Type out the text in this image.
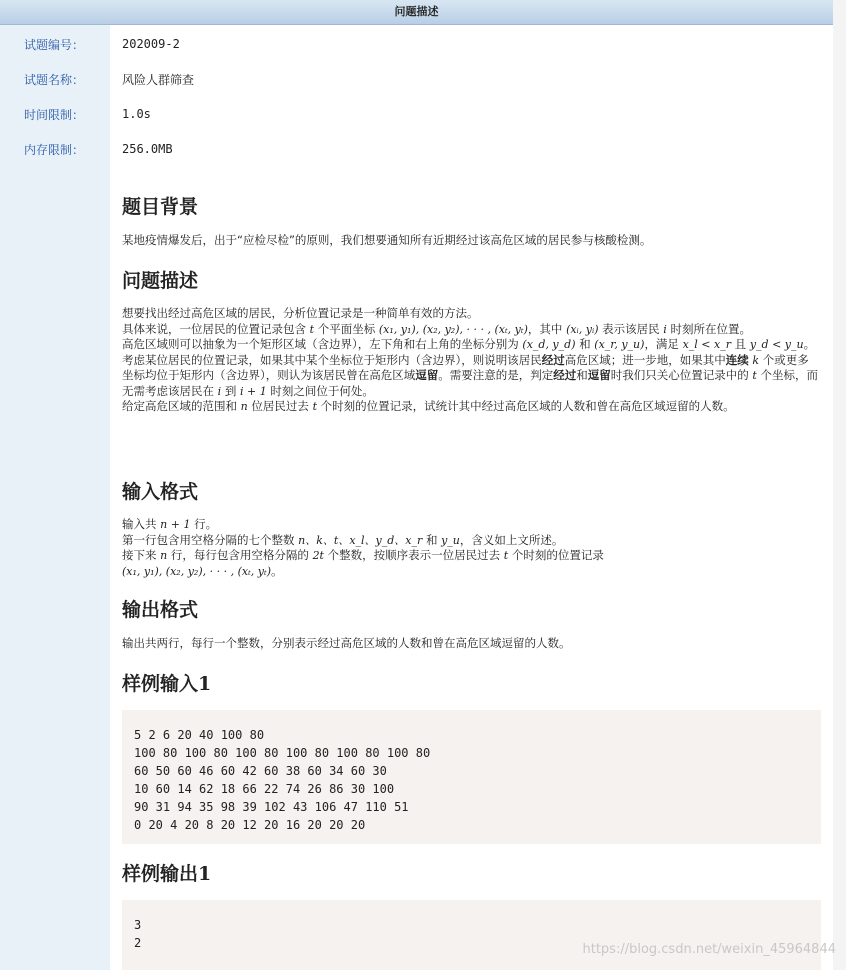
问题描述
试题编号：	202009-2
试题名称：	风险人群筛查
时间限制：	1.0s
内存限制：	256.0MB
题目背景
某地疫情爆发后，出于“应检尽检”的原则，我们想要通知所有近期经过该高危区域的居民参与核酸检测。
问题描述
想要找出经过高危区域的居民，分析位置记录是一种简单有效的方法。
具体来说，一位居民的位置记录包含 t 个平面坐标 (x₁, y₁), (x₂, y₂), · · · , (xₜ, yₜ)，其中 (xᵢ, yᵢ) 表示该居民 i 时刻所在位置。
高危区域则可以抽象为一个矩形区域（含边界），左下角和右上角的坐标分别为 (x_d, y_d) 和 (x_r, y_u)，满足 x_l < x_r 且 y_d < y_u。
考虑某位居民的位置记录，如果其中某个坐标位于矩形内（含边界），则说明该居民经过高危区域；进一步地，如果其中连续 k 个或更多坐标均位于矩形内（含边界），则认为该居民曾在高危区域逗留。需要注意的是，判定经过和逗留时我们只关心位置记录中的 t 个坐标，而无需考虑该居民在 i 到 i + 1 时刻之间位于何处。
给定高危区域的范围和 n 位居民过去 t 个时刻的位置记录，试统计其中经过高危区域的人数和曾在高危区域逗留的人数。
输入格式
输入共 n + 1 行。
第一行包含用空格分隔的七个整数 n、k、t、x_l、y_d、x_r 和 y_u，含义如上文所述。
接下来 n 行，每行包含用空格分隔的 2t 个整数，按顺序表示一位居民过去 t 个时刻的位置记录
(x₁, y₁), (x₂, y₂), · · · , (xₜ, yₜ)。
输出格式
输出共两行，每行一个整数，分别表示经过高危区域的人数和曾在高危区域逗留的人数。
样例输入1
5 2 6 20 40 100 80
100 80 100 80 100 80 100 80 100 80 100 80
60 50 60 46 60 42 60 38 60 34 60 30
10 60 14 62 18 66 22 74 26 86 30 100
90 31 94 35 98 39 102 43 106 47 110 51
0 20 4 20 8 20 12 20 16 20 20 20
样例输出1
3
2	https://blog.csdn.net/weixin_45964844
